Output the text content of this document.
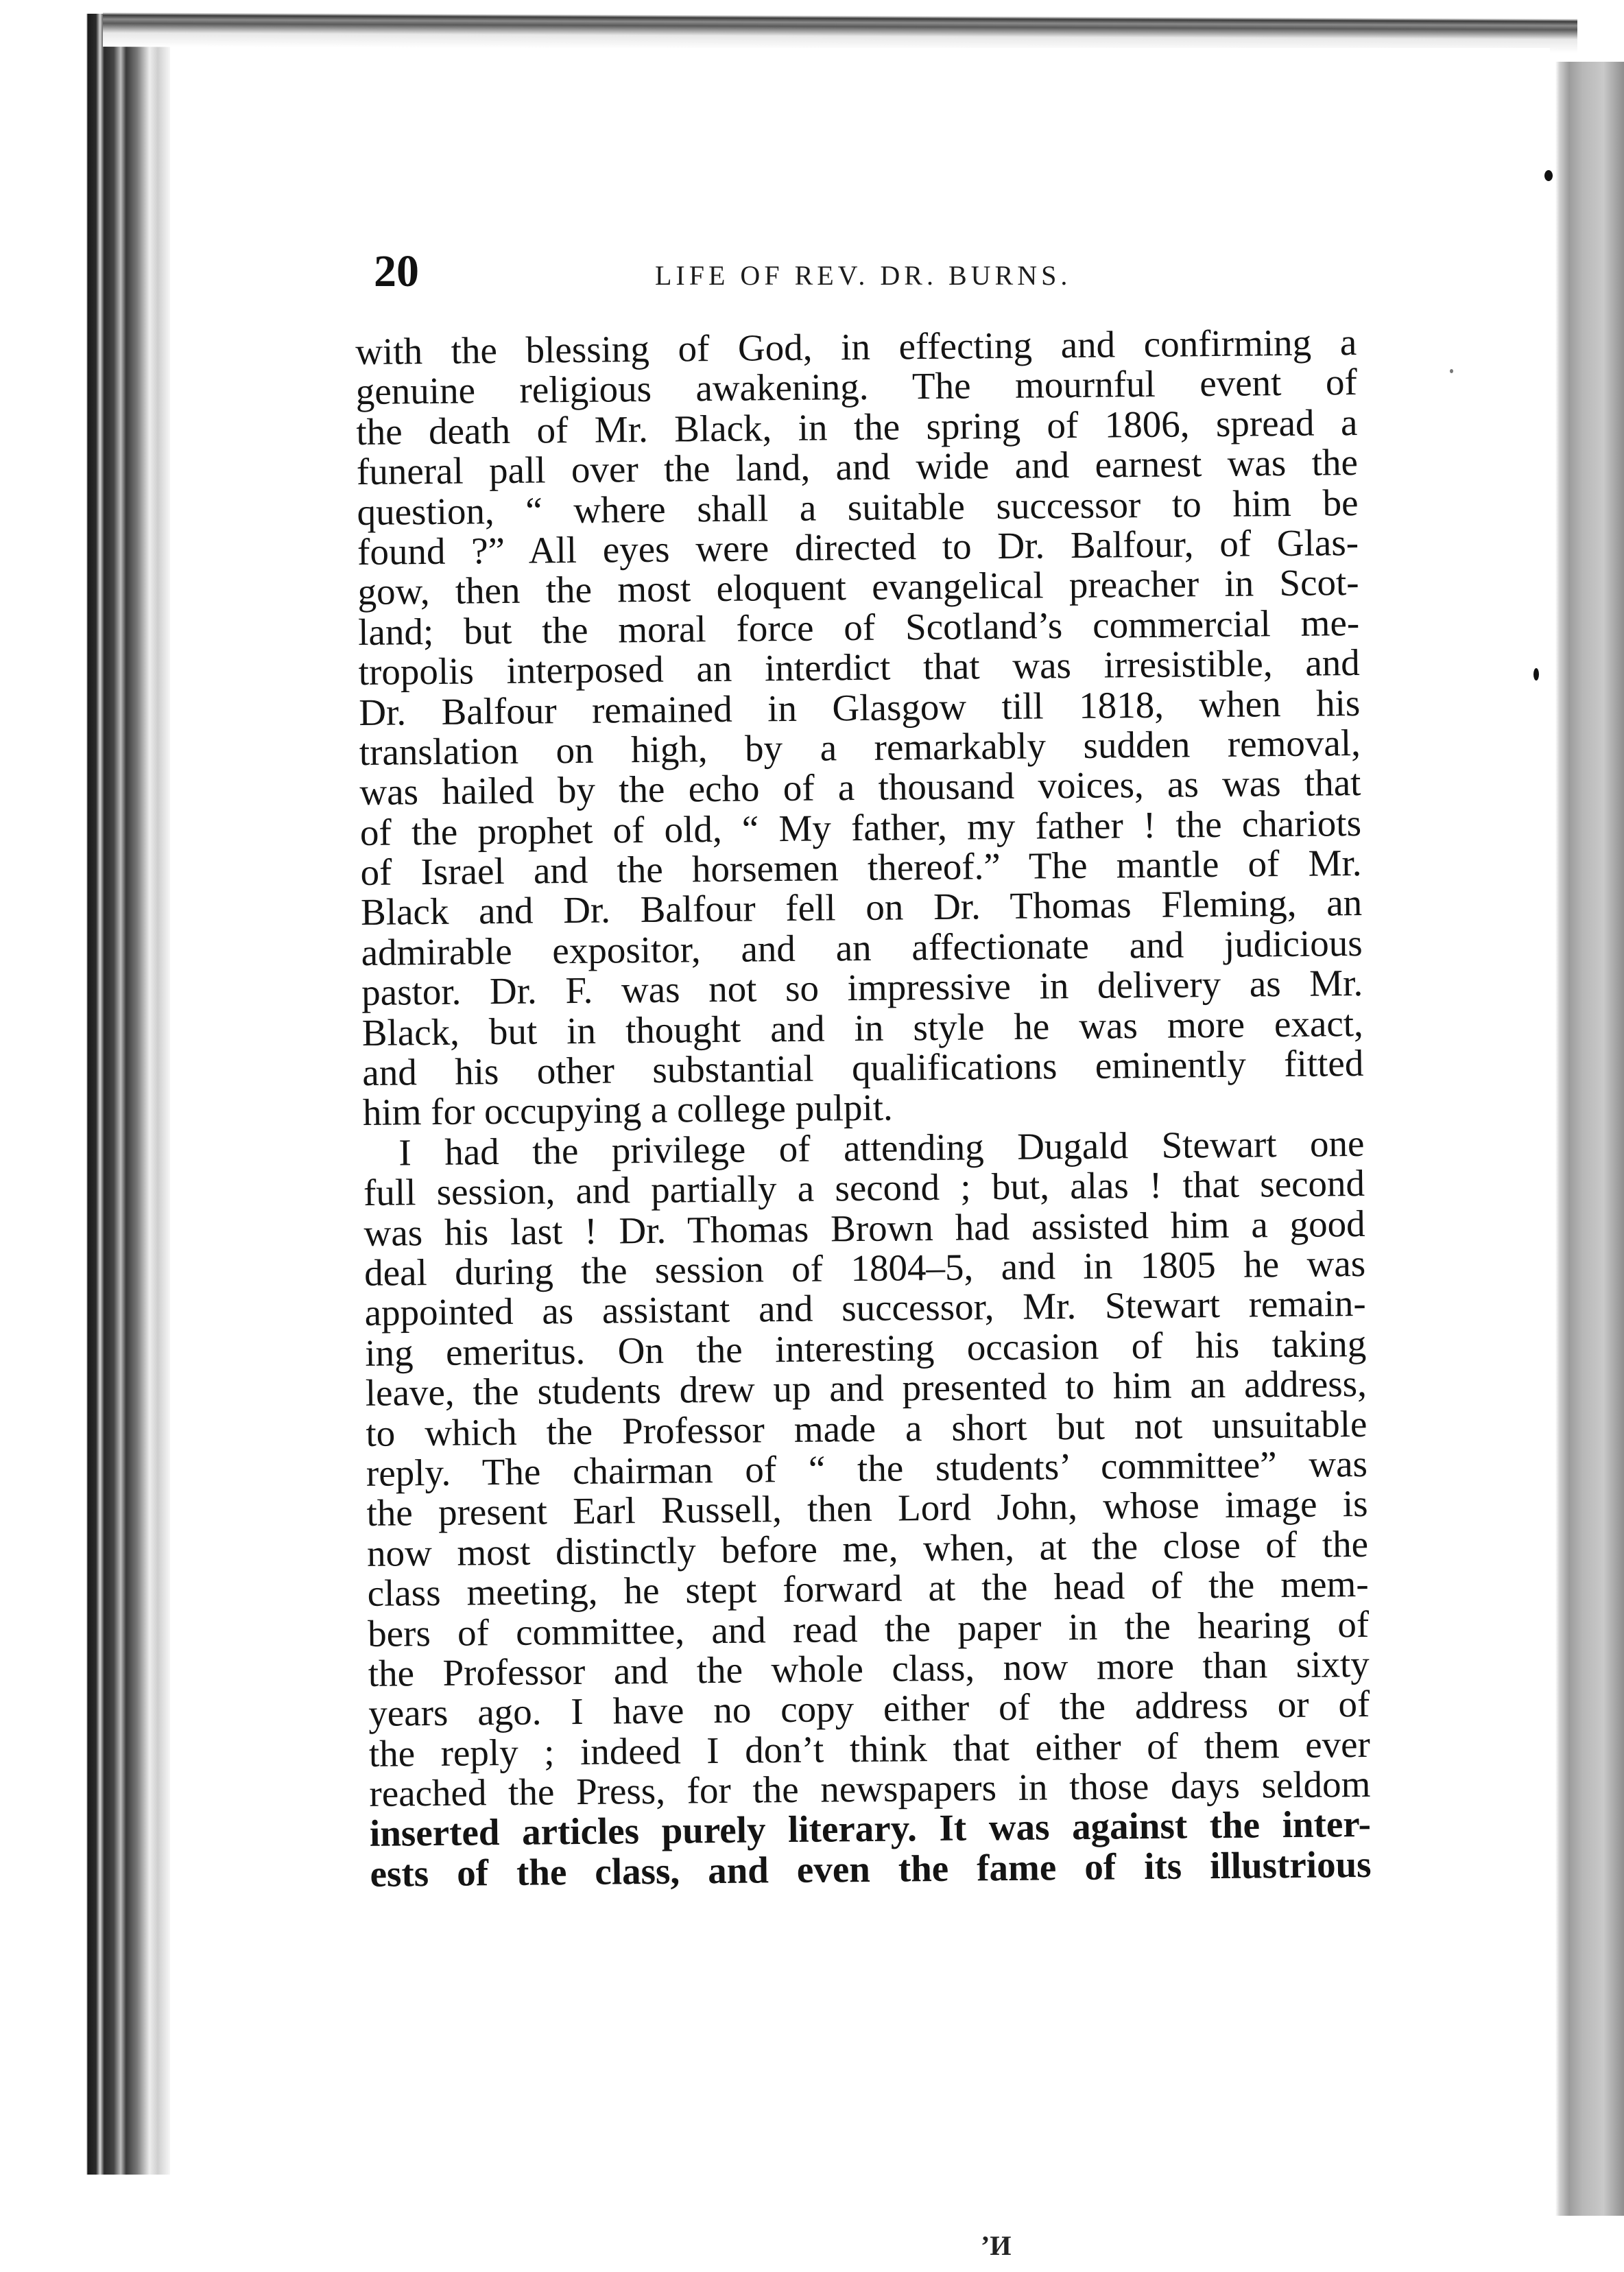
20	LIFE OF REV. DR. BURNS.
with the blessing of God, in effecting and confirming a
genuine religious awakening. The mournful event of
the death of Mr. Black, in the spring of 1806, spread a
funeral pall over the land, and wide and earnest was the
question, “ where shall a suitable successor to him be
found ?” All eyes were directed to Dr. Balfour, of Glas-
gow, then the most eloquent evangelical preacher in Scot-
land; but the moral force of Scotland’s commercial me-
tropolis interposed an interdict that was irresistible, and
Dr. Balfour remained in Glasgow till 1818, when his
translation on high, by a remarkably sudden removal,
was hailed by the echo of a thousand voices, as was that
of the prophet of old, “ My father, my father ! the chariots
of Israel and the horsemen thereof.” The mantle of Mr.
Black and Dr. Balfour fell on Dr. Thomas Fleming, an
admirable expositor, and an affectionate and judicious
pastor. Dr. F. was not so impressive in delivery as Mr.
Black, but in thought and in style he was more exact,
and his other substantial qualifications eminently fitted
him for occupying a college pulpit.
I had the privilege of attending Dugald Stewart one
full session, and partially a second ; but, alas ! that second
was his last ! Dr. Thomas Brown had assisted him a good
deal during the session of 1804–5, and in 1805 he was
appointed as assistant and successor, Mr. Stewart remain-
ing emeritus. On the interesting occasion of his taking
leave, the students drew up and presented to him an address,
to which the Professor made a short but not unsuitable
reply. The chairman of “ the students’ committee” was
the present Earl Russell, then Lord John, whose image is
now most distinctly before me, when, at the close of the
class meeting, he stept forward at the head of the mem-
bers of committee, and read the paper in the hearing of
the Professor and the whole class, now more than sixty
years ago. I have no copy either of the address or of
the reply ; indeed I don’t think that either of them ever
reached the Press, for the newspapers in those days seldom
inserted articles purely literary. It was against the inter-
ests of the class, and even the fame of its illustrious
’И
